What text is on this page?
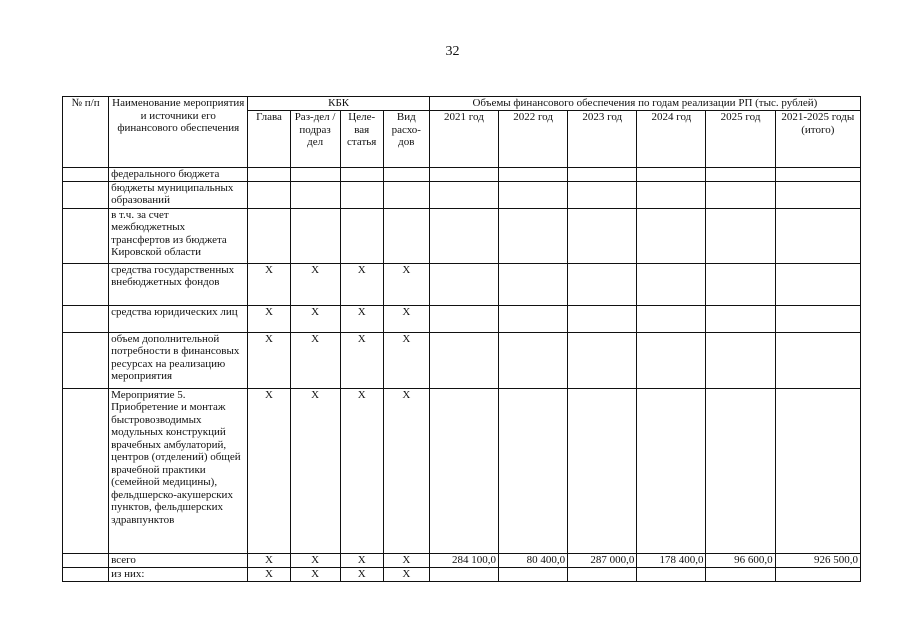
32
№ п/п	Наименование мероприятия и источники его финансового обеспечения	КБК				Объемы финансового обеспечения по годам реализации РП (тыс. рублей)					
		Глава	Раз-дел / подраз дел	Целе-вая статья	Вид расхо-дов	2021 год	2022 год	2023 год	2024 год	2025 год	2021-2025 годы (итого)
	федерального бюджета										
	бюджеты муниципальных образований										
	в т.ч. за счет межбюджетных трансфертов из бюджета Кировской области										
	средства государственных внебюджетных фондов	Х	Х	Х	Х						
	средства юридических лиц	Х	Х	Х	Х						
	объем дополнительной потребности в финансовых ресурсах на реализацию мероприятия	Х	Х	Х	Х						
	Мероприятие 5. Приобретение и монтаж быстровозводимых модульных конструкций врачебных амбулаторий, центров (отделений) общей врачебной практики (семейной медицины), фельдшерско-акушерских пунктов, фельдшерских здравпунктов	Х	Х	Х	Х						
	всего	Х	Х	Х	Х	284 100,0	80 400,0	287 000,0	178 400,0	96 600,0	926 500,0
	из них:	Х	Х	Х	Х						
